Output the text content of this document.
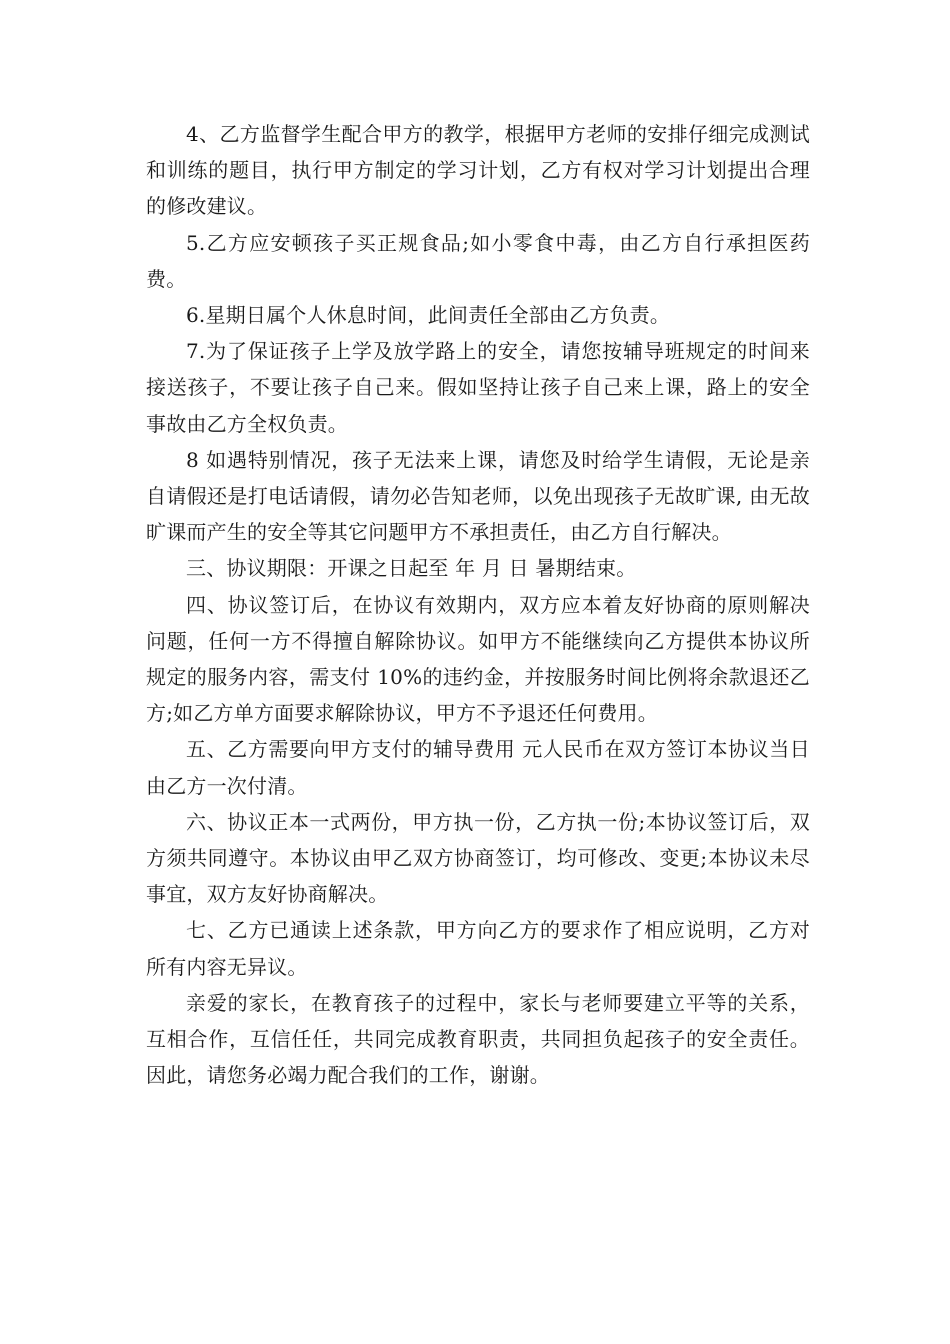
4、乙方监督学生配合甲方的教学，根据甲方老师的安排仔细完成测试和训练的题目，执行甲方制定的学习计划，乙方有权对学习计划提出合理的修改建议。

5.乙方应安顿孩子买正规食品;如小零食中毒，由乙方自行承担医药费。

6.星期日属个人休息时间，此间责任全部由乙方负责。

7.为了保证孩子上学及放学路上的安全，请您按辅导班规定的时间来接送孩子，不要让孩子自己来。假如坚持让孩子自己来上课，路上的安全事故由乙方全权负责。

8 如遇特别情况，孩子无法来上课，请您及时给学生请假，无论是亲自请假还是打电话请假，请勿必告知老师，以免出现孩子无故旷课, 由无故旷课而产生的安全等其它问题甲方不承担责任，由乙方自行解决。

三、协议期限：开课之日起至 年 月 日 暑期结束。

四、协议签订后，在协议有效期内，双方应本着友好协商的原则解决问题，任何一方不得擅自解除协议。如甲方不能继续向乙方提供本协议所规定的服务内容，需支付 10%的违约金，并按服务时间比例将余款退还乙方;如乙方单方面要求解除协议，甲方不予退还任何费用。

五、乙方需要向甲方支付的辅导费用 元人民币在双方签订本协议当日由乙方一次付清。

六、协议正本一式两份，甲方执一份，乙方执一份;本协议签订后，双方须共同遵守。本协议由甲乙双方协商签订，均可修改、变更;本协议未尽事宜，双方友好协商解决。

七、乙方已通读上述条款，甲方向乙方的要求作了相应说明，乙方对所有内容无异议。

亲爱的家长，在教育孩子的过程中，家长与老师要建立平等的关系，互相合作，互信任任，共同完成教育职责，共同担负起孩子的安全责任。因此，请您务必竭力配合我们的工作，谢谢。
